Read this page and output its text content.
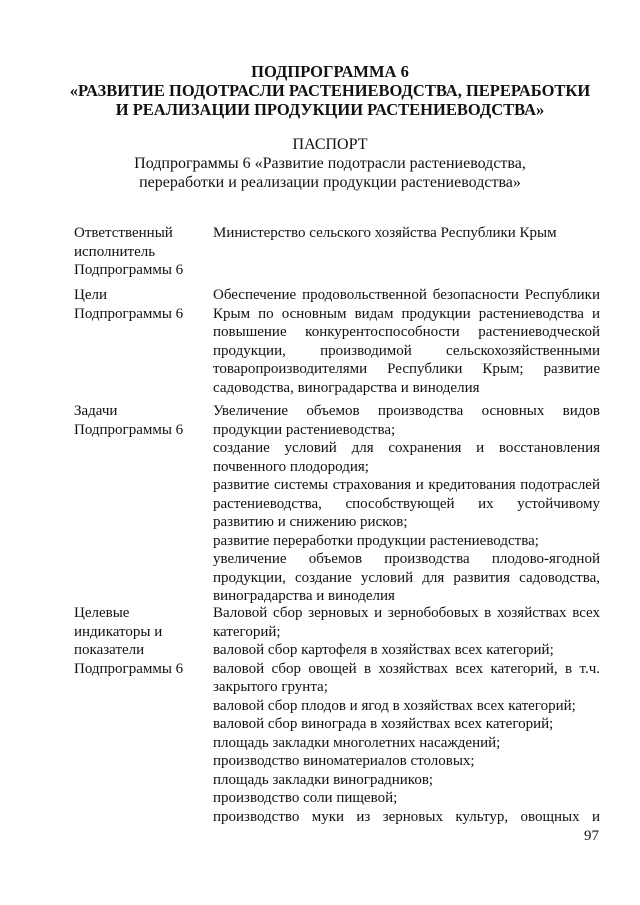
ПОДПРОГРАММА 6
«РАЗВИТИЕ ПОДОТРАСЛИ РАСТЕНИЕВОДСТВА, ПЕРЕРАБОТКИ
И РЕАЛИЗАЦИИ ПРОДУКЦИИ РАСТЕНИЕВОДСТВА»
ПАСПОРТ
Подпрограммы 6 «Развитие подотрасли растениеводства,
переработки и реализации продукции растениеводства»
Ответственный
исполнитель
Подпрограммы 6
Министерство сельского хозяйства Республики Крым
Цели
Подпрограммы 6
Обеспечение продовольственной безопасности Республики Крым по основным видам продукции растениеводства и повышение конкурентоспособности растениеводческой продукции, производимой сельскохозяйственными товаропроизводителями Республики Крым; развитие садоводства, виноградарства и виноделия
Задачи
Подпрограммы 6
Увеличение объемов производства основных видов продукции растениеводства;
создание условий для сохранения и восстановления почвенного плодородия;
развитие системы страхования и кредитования подотраслей растениеводства, способствующей их устойчивому развитию и снижению рисков;
развитие переработки продукции растениеводства;
увеличение объемов производства плодово-ягодной продукции, создание условий для развития садоводства, виноградарства и виноделия
Целевые
индикаторы и
показатели
Подпрограммы 6
Валовой сбор зерновых и зернобобовых в хозяйствах всех категорий;
валовой сбор картофеля в хозяйствах всех категорий;
валовой сбор овощей в хозяйствах всех категорий, в т.ч. закрытого грунта;
валовой сбор плодов и ягод в хозяйствах всех категорий;
валовой сбор винограда в хозяйствах всех категорий;
площадь закладки многолетних насаждений;
производство виноматериалов столовых;
площадь закладки виноградников;
производство соли пищевой;
производство муки из зерновых культур, овощных и
97
